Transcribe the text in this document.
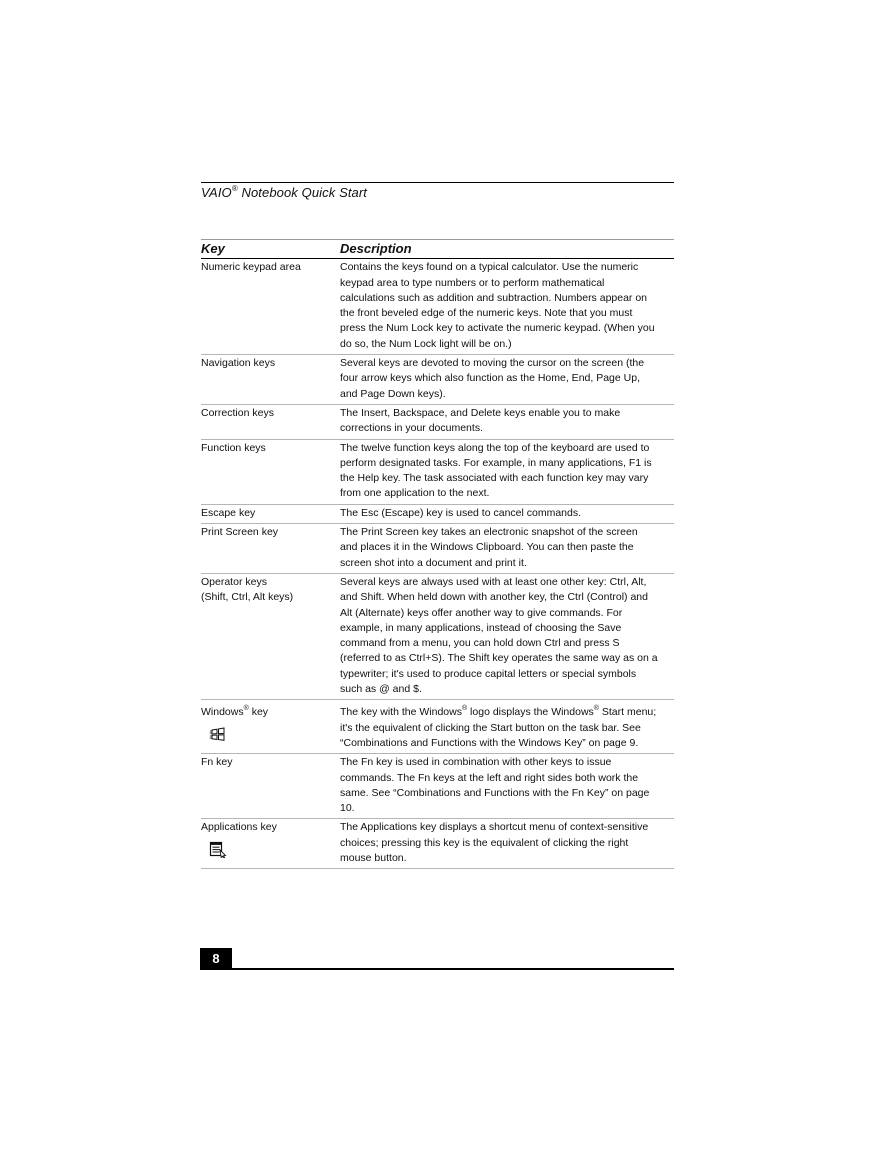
VAIO® Notebook Quick Start
Key	Description
Numeric keypad area	Contains the keys found on a typical calculator. Use the numeric keypad area to type numbers or to perform mathematical calculations such as addition and subtraction. Numbers appear on the front beveled edge of the numeric keys. Note that you must press the Num Lock key to activate the numeric keypad. (When you do so, the Num Lock light will be on.)
Navigation keys	Several keys are devoted to moving the cursor on the screen (the four arrow keys which also function as the Home, End, Page Up, and Page Down keys).
Correction keys	The Insert, Backspace, and Delete keys enable you to make corrections in your documents.
Function keys	The twelve function keys along the top of the keyboard are used to perform designated tasks. For example, in many applications, F1 is the Help key. The task associated with each function key may vary from one application to the next.
Escape key	The Esc (Escape) key is used to cancel commands.
Print Screen key	The Print Screen key takes an electronic snapshot of the screen and places it in the Windows Clipboard. You can then paste the screen shot into a document and print it.

Operator keys
(Shift, Ctrl, Alt keys)	Several keys are always used with at least one other key: Ctrl, Alt, and Shift. When held down with another key, the Ctrl (Control) and Alt (Alternate) keys offer another way to give commands. For example, in many applications, instead of choosing the Save command from a menu, you can hold down Ctrl and press S (referred to as Ctrl+S). The Shift key operates the same way as on a typewriter; it's used to produce capital letters or special symbols such as @ and $.

Windows® key	The key with the Windows® logo displays the Windows® Start menu; it's the equivalent of clicking the Start button on the task bar. See “Combinations and Functions with the Windows Key” on page 9.
Fn key	The Fn key is used in combination with other keys to issue commands. The Fn keys at the left and right sides both work the same. See “Combinations and Functions with the Fn Key” on page 10.

Applications key	The Applications key displays a shortcut menu of context-sensitive choices; pressing this key is the equivalent of clicking the right mouse button.
8
